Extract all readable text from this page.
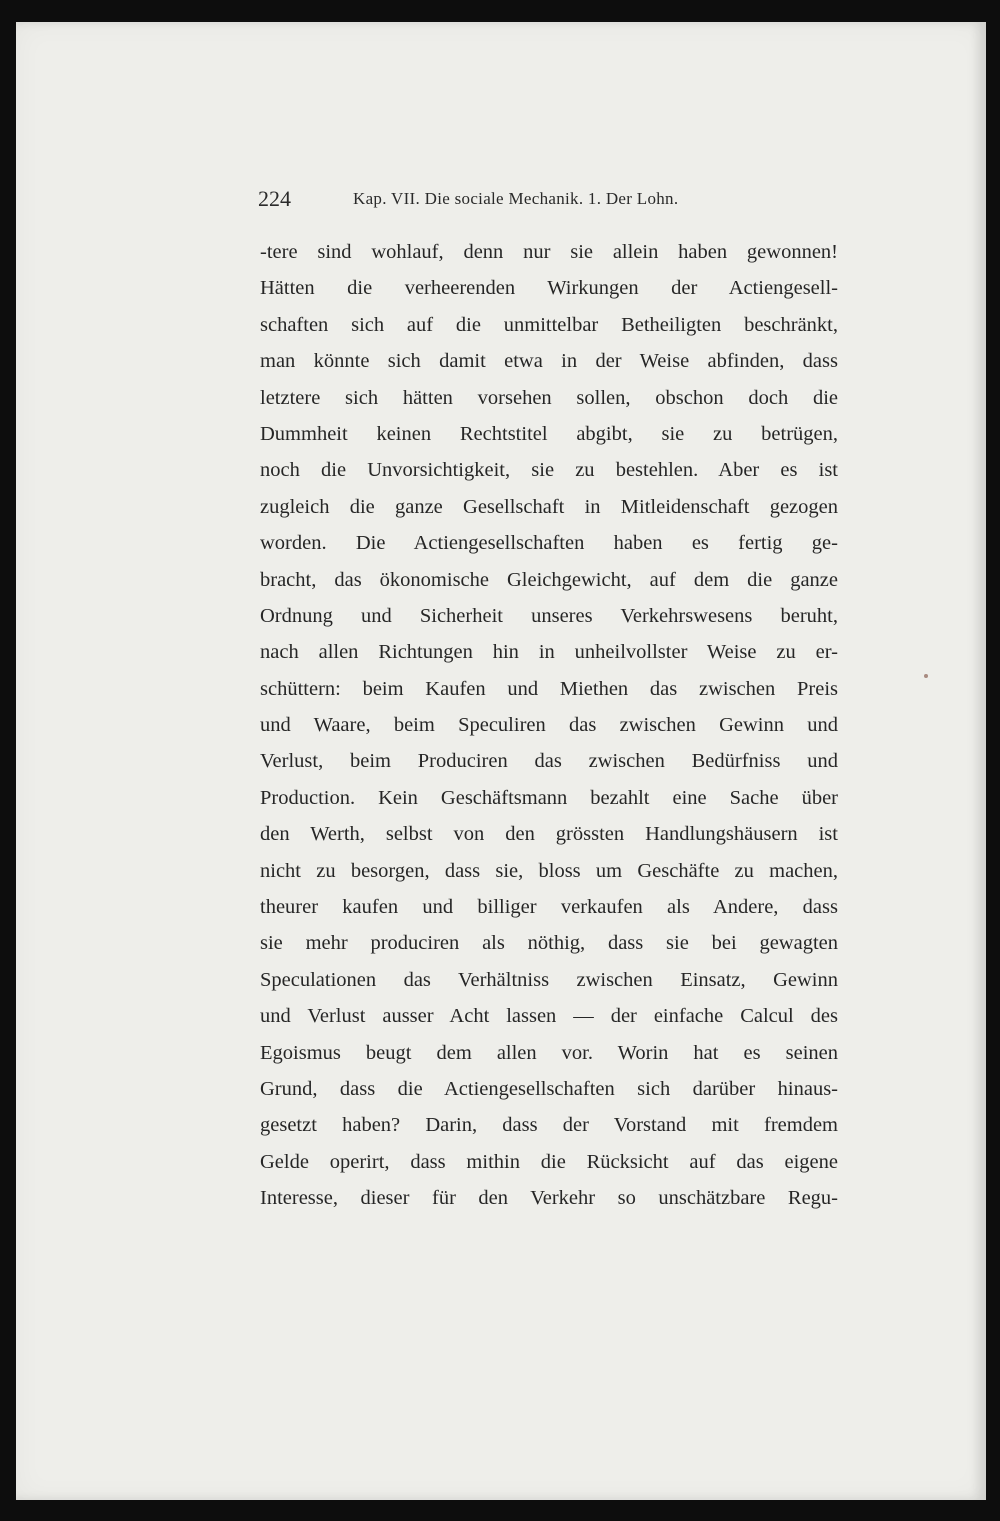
224	Kap. VII. Die sociale Mechanik. 1. Der Lohn.
-tere sind wohlauf, denn nur sie allein haben gewonnen!
Hätten die verheerenden Wirkungen der Actiengesell-
schaften sich auf die unmittelbar Betheiligten beschränkt,
man könnte sich damit etwa in der Weise abfinden, dass
letztere sich hätten vorsehen sollen, obschon doch die
Dummheit keinen Rechtstitel abgibt, sie zu betrügen,
noch die Unvorsichtigkeit, sie zu bestehlen. Aber es ist
zugleich die ganze Gesellschaft in Mitleidenschaft gezogen
worden. Die Actiengesellschaften haben es fertig ge-
bracht, das ökonomische Gleichgewicht, auf dem die ganze
Ordnung und Sicherheit unseres Verkehrswesens beruht,
nach allen Richtungen hin in unheilvollster Weise zu er-
schüttern: beim Kaufen und Miethen das zwischen Preis
und Waare, beim Speculiren das zwischen Gewinn und
Verlust, beim Produciren das zwischen Bedürfniss und
Production. Kein Geschäftsmann bezahlt eine Sache über
den Werth, selbst von den grössten Handlungshäusern ist
nicht zu besorgen, dass sie, bloss um Geschäfte zu machen,
theurer kaufen und billiger verkaufen als Andere, dass
sie mehr produciren als nöthig, dass sie bei gewagten
Speculationen das Verhältniss zwischen Einsatz, Gewinn
und Verlust ausser Acht lassen — der einfache Calcul des
Egoismus beugt dem allen vor. Worin hat es seinen
Grund, dass die Actiengesellschaften sich darüber hinaus-
gesetzt haben? Darin, dass der Vorstand mit fremdem
Gelde operirt, dass mithin die Rücksicht auf das eigene
Interesse, dieser für den Verkehr so unschätzbare Regu-
